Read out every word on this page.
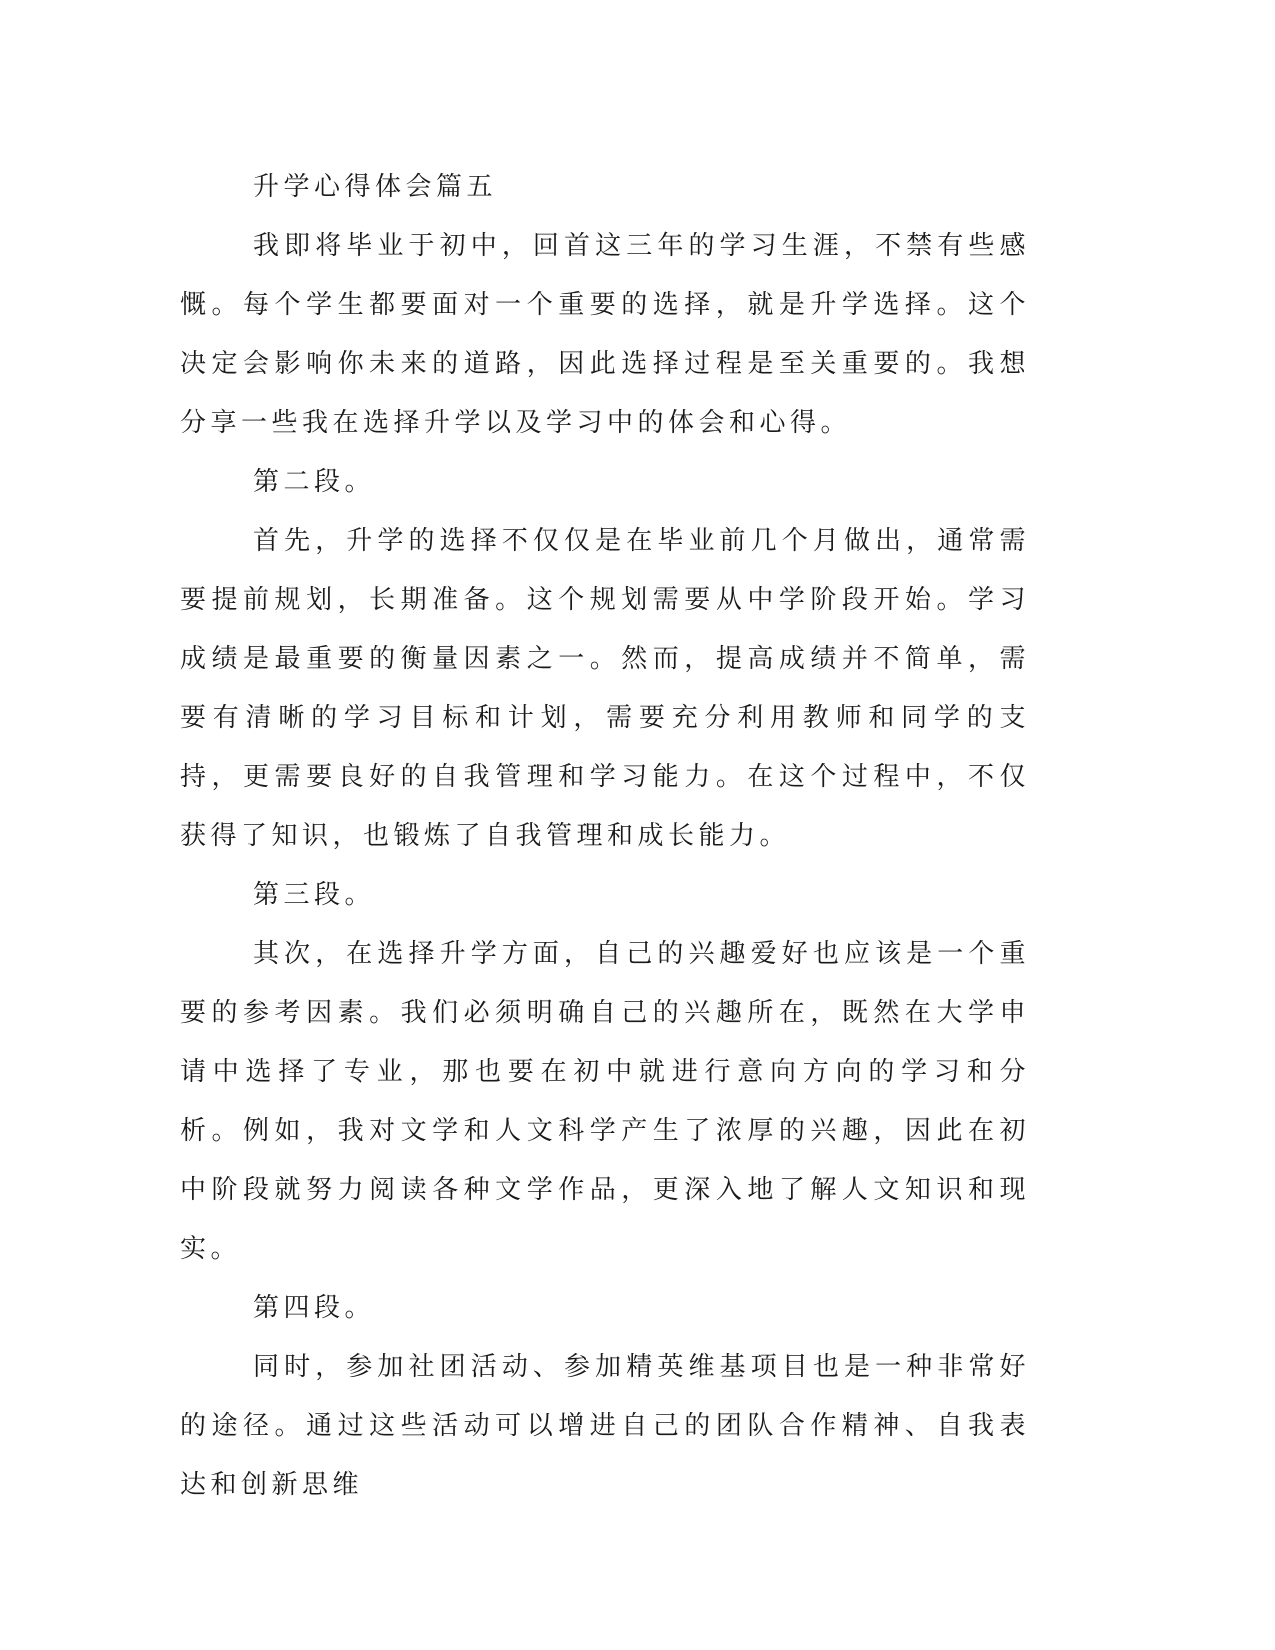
升学心得体会篇五

我即将毕业于初中，回首这三年的学习生涯，不禁有些感慨。每个学生都要面对一个重要的选择，就是升学选择。这个决定会影响你未来的道路，因此选择过程是至关重要的。我想分享一些我在选择升学以及学习中的体会和心得。

第二段。

首先，升学的选择不仅仅是在毕业前几个月做出，通常需要提前规划，长期准备。这个规划需要从中学阶段开始。学习成绩是最重要的衡量因素之一。然而，提高成绩并不简单，需要有清晰的学习目标和计划，需要充分利用教师和同学的支持，更需要良好的自我管理和学习能力。在这个过程中，不仅获得了知识，也锻炼了自我管理和成长能力。

第三段。

其次，在选择升学方面，自己的兴趣爱好也应该是一个重要的参考因素。我们必须明确自己的兴趣所在，既然在大学申请中选择了专业，那也要在初中就进行意向方向的学习和分析。例如，我对文学和人文科学产生了浓厚的兴趣，因此在初中阶段就努力阅读各种文学作品，更深入地了解人文知识和现实。

第四段。

同时，参加社团活动、参加精英维基项目也是一种非常好的途径。通过这些活动可以增进自己的团队合作精神、自我表达和创新思维
